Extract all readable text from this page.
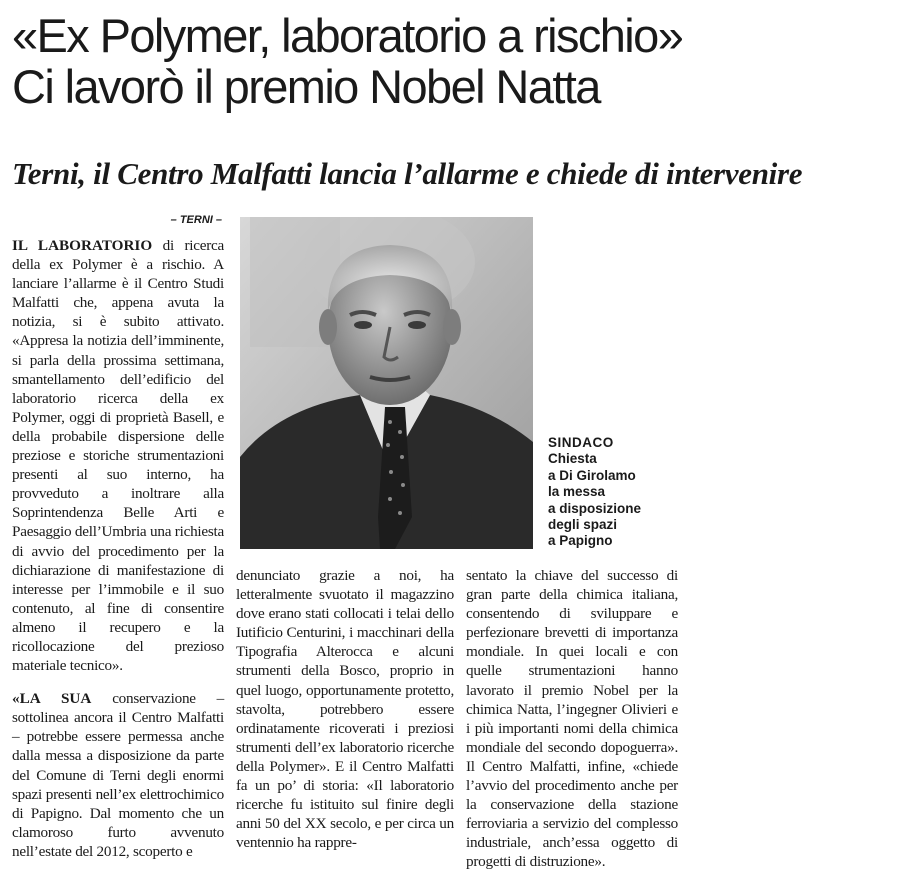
«Ex Polymer, laboratorio a rischio»
Ci lavorò il premio Nobel Natta
Terni, il Centro Malfatti lancia l’allarme e chiede di intervenire
– TERNI –

IL LABORATORIO di ricerca della ex Polymer è a rischio. A lanciare l’allarme è il Centro Studi Malfatti che, appena avuta la notizia, si è subito attivato. «Appresa la notizia dell’imminente, si parla della prossima settimana, smantellamento dell’edificio del laboratorio ricerca della ex Polymer, oggi di proprietà Basell, e della probabile dispersione delle preziose e storiche strumentazioni presenti al suo interno, ha provveduto a inoltrare alla Soprintendenza Belle Arti e Paesaggio dell’Umbria una richiesta di avvio del procedimento per la dichiarazione di manifestazione di interesse per l’immobile e il suo contenuto, al fine di consentire almeno il recupero e la ricollocazione del prezioso materiale tecnico».

«LA SUA conservazione – sottolinea ancora il Centro Malfatti – potrebbe essere permessa anche dalla messa a disposizione da parte del Comune di Terni degli enormi spazi presenti nell’ex elettrochimico di Papigno. Dal momento che un clamoroso furto avvenuto nell’estate del 2012, scoperto e

SINDACO
Chiesta
a Di Girolamo
la messa
a disposizione
degli spazi
a Papigno

denunciato grazie a noi, ha letteralmente svuotato il magazzino dove erano stati collocati i telai dello Iutificio Centurini, i macchinari della Tipografia Alterocca e alcuni strumenti della Bosco, proprio in quel luogo, opportunamente protetto, stavolta, potrebbero essere ordinatamente ricoverati i preziosi strumenti dell’ex laboratorio ricerche della Polymer». E il Centro Malfatti fa un po’ di storia: «Il laboratorio ricerche fu istituito sul finire degli anni 50 del XX secolo, e per circa un ventennio ha rappre-

sentato la chiave del successo di gran parte della chimica italiana, consentendo di sviluppare e perfezionare brevetti di importanza mondiale. In quei locali e con quelle strumentazioni hanno lavorato il premio Nobel per la chimica Natta, l’ingegner Olivieri e i più importanti nomi della chimica mondiale del secondo dopoguerra». Il Centro Malfatti, infine, «chiede l’avvio del procedimento anche per la conservazione della stazione ferroviaria a servizio del complesso industriale, anch’essa oggetto di progetti di distruzione».
